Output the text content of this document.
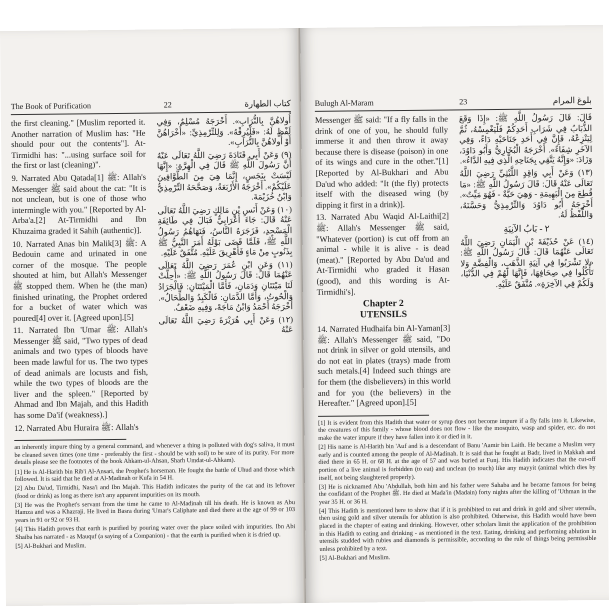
The Book of Purification	22	كتاب الطهارة

the first cleaning." [Muslim reported it. Another narration of Muslim has: "He should pour out the contents"]. At-Tirmidhi has: "...using surface soil for the first or last (cleaning)".

9. Narrated Abu Qatada[1] ﷺ: Allah's Messenger ﷺ said about the cat: "It is not unclean, but is one of those who intermingle with you." [Reported by Al-Arba'a.[2] At-Tirmidhi and Ibn Khuzaima graded it Sahih (authentic)].

10. Narrated Anas bin Malik[3] ﷺ: A Bedouin came and urinated in one corner of the mosque. The people shouted at him, but Allah's Messenger ﷺ stopped them. When he (the man) finished urinating, the Prophet ordered for a bucket of water which was poured[4] over it. [Agreed upon].[5]

11. Narrated Ibn 'Umar ﷺ: Allah's Messenger ﷺ said, "Two types of dead animals and two types of bloods have been made lawful for us. The two types of dead animals are locusts and fish, while the two types of bloods are the liver and the spleen." [Reported by Ahmad and Ibn Majah, and this Hadith has some Da'if (weakness).]

12. Narrated Abu Huraira ﷺ: Allah's

أُولاهُنَّ بِالتُّرَابِ». أَخْرَجَهُ مُسْلِمٌ، وَفِي لَفْظٍ لَهُ: «فَلْيُرِقْهُ». وَلِلتِّرْمِذِيِّ: «أُخْرَاهُنَّ أَوْ أُولاهُنَّ بِالتُّرَابِ».

(٩) وَعَنْ أَبِي قَتَادَةَ رَضِيَ اللَّهُ تَعَالَى عَنْهُ أَنَّ رَسُولَ اللَّهِ ﷺ قَالَ فِي الْهِرَّةِ: «إِنَّهَا لَيْسَتْ بِنَجَسٍ، إِنَّمَا هِيَ مِنَ الطَّوَّافِينَ عَلَيْكُمْ». أَخْرَجَهُ الأَرْبَعَةُ، وَصَحَّحَهُ التِّرْمِذِيُّ وَابْنُ خُزَيْمَةَ.

(١٠) وَعَنْ أَنَسِ بْنِ مَالِكٍ رَضِيَ اللَّهُ تَعَالَى عَنْهُ قَالَ: جَاءَ أَعْرَابِيٌّ فَبَالَ فِي طَائِفَةِ الْمَسْجِدِ، فَزَجَرَهُ النَّاسُ، فَنَهَاهُمُ رَسُولُ اللَّهِ ﷺ، فَلَمَّا قَضَى بَوْلَهُ أَمَرَ النَّبِيُّ ﷺ بِذَنُوبٍ مِنْ مَاءٍ فَأُهْرِيقَ عَلَيْهِ. مُتَّفَقٌ عَلَيْهِ.

(١١) وَعَنِ ابْنِ عُمَرَ رَضِيَ اللَّهُ تَعَالَى عَنْهُمَا قَالَ: قَالَ رَسُولُ اللَّهِ ﷺ: «أُحِلَّتْ لَنَا مَيْتَتَانِ وَدَمَانِ، فَأَمَّا الْمَيْتَتَانِ: فَالْجَرَادُ وَالْحُوتُ، وَأَمَّا الدَّمَانِ: فَالْكَبِدُ وَالطِّحَالُ». أَخْرَجَهُ أَحْمَدُ وَابْنُ مَاجَهْ، وَفِيهِ ضَعْفٌ.

(١٢) وَعَنْ أَبِي هُرَيْرَةَ رَضِيَ اللَّهُ تَعَالَى عَنْهُ

an inherently impure thing by a general command, and whenever a thing is polluted with dog's saliva, it must be cleaned seven times (one time - preferably the first - should be with soil) to be sure of its purity. For more details please see the footnotes of the book Ahkam-ul-Ahsan, Sharh Umdat-ul-Ahkam).

[1] He is Al-Harith bin Rib'i Al-Ansari, the Prophet's horseman. He fought the battle of Uhud and those which followed. It is said that he died at Al-Madinah or Kufa in 54 H.

[2] Abu Da'ud, Tirmidhi, Nasa'i and Ibn Majah. This Hadith indicates the purity of the cat and its leftover (food or drink) as long as there isn't any apparent impurities on its mouth.

[3] He was the Prophet's servant from the time he came to Al-Madinah till his death. He is known as Abu Hamza and was a Khazraji. He lived in Basra during 'Umar's Caliphate and died there at the age of 99 or 103 years in 91 or 92 or 93 H.

[4] This Hadith proves that earth is purified by pouring water over the place soiled with impurities. Ibn Abi Shaiba has narrated - as Mauquf (a saying of a Companion) - that the earth is purified when it is dried up.

[5] Al-Bukhari and Muslim.

Bulugh Al-Maram	23	بلوغ المرام

Messenger ﷺ said: "If a fly falls in the drink of one of you, he should fully immerse it and then throw it away because there is disease (poison) in one of its wings and cure in the other."[1] [Reported by Al-Bukhari and Abu Da'ud who added: "It (the fly) protects itself with the diseased wing (by dipping it first in a drink)].

13. Narrated Abu Waqid Al-Laithi[2] ﷺ: Allah's Messenger ﷺ said, "Whatever (portion) is cut off from an animal - while it is alive - is dead (meat)." [Reported by Abu Da'ud and At-Tirmidhi who graded it Hasan (good), and this wording is At-Tirmidhi's].

Chapter 2
UTENSILS

14. Narrated Hudhaifa bin Al-Yaman[3] ﷺ: Allah's Messenger ﷺ said, "Do not drink in silver or gold utensils, and do not eat in plates (trays) made from such metals.[4] Indeed such things are for them (the disbelievers) in this world and for you (the believers) in the Hereafter." [Agreed upon].[5]

قَالَ: قَالَ رَسُولُ اللَّهِ ﷺ: «إِذَا وَقَعَ الذُّبَابُ فِي شَرَابِ أَحَدِكُمْ فَلْيَغْمِسْهُ، ثُمَّ لِيَنْزِعْهُ، فَإِنَّ فِي أَحَدِ جَنَاحَيْهِ دَاءً، وَفِي الآخَرِ شِفَاءً». أَخْرَجَهُ الْبُخَارِيُّ وَأَبُو دَاوُدَ، وَزَادَ: «وَإِنَّهُ يَتَّقِي بِجَنَاحِهِ الَّذِي فِيهِ الدَّاءُ».

(١٣) وَعَنْ أَبِي وَاقِدٍ اللَّيْثِيِّ رَضِيَ اللَّهُ تَعَالَى عَنْهُ قَالَ: قَالَ رَسُولُ اللَّهِ ﷺ: «مَا قُطِعَ مِنَ الْبَهِيمَةِ - وَهِيَ حَيَّةٌ - فَهُوَ مَيِّتٌ». أَخْرَجَهُ أَبُو دَاوُدَ وَالتِّرْمِذِيُّ وَحَسَّنَهُ، وَاللَّفْظُ لَهُ.

٢ - بَابُ الآنِيَةِ

(١٤) عَنْ حُذَيْفَةَ بْنِ الْيَمَانِ رَضِيَ اللَّهُ تَعَالَى عَنْهُمَا قَالَ: قَالَ رَسُولُ اللَّهِ ﷺ: «لا تَشْرَبُوا فِي آنِيَةِ الذَّهَبِ، وَالْفِضَّةِ وَلا تَأْكُلُوا فِي صِحَافِهَا، فَإِنَّهَا لَهُمْ فِي الدُّنْيَا، وَلَكُمْ فِي الآخِرَةِ». مُتَّفَقٌ عَلَيْهِ.

[1] It is evident from this Hadith that water or syrup does not become impure if a fly falls into it. Likewise, the creatures of this family - whose blood does not flow - like the mosquito, wasp and spider, etc. do not make the water impure if they have fallen into it or died in it.

[2] His name is Al-Harith bin 'Auf and is a descendant of Banu 'Aamir bin Laith. He became a Muslim very early and is counted among the people of Al-Madinah. It is said that he fought at Badr, lived in Makkah and died there in 65 H. or 68 H. at the age of 57 and was buried at Funj. His Hadith indicates that the cut-off portion of a live animal is forbidden (to eat) and unclean (to touch) like any mayyit (animal which dies by itself, not being slaughtered properly).

[3] He is nicknamed Abu 'Abdullah, both him and his father were Sahaba and he became famous for being the confidant of the Prophet ﷺ. He died at Mada'in (Madain) forty nights after the killing of 'Uthman in the year 35 H. or 36 H.

[4] This Hadith is mentioned here to show that if it is prohibited to eat and drink in gold and silver utensils, then using gold and silver utensils for ablution is also prohibited. Otherwise, this Hadith would have been placed in the chapter of eating and drinking. However, other scholars limit the application of the prohibition in this Hadith to eating and drinking - as mentioned in the text. Eating, drinking and performing ablution in utensils studded with rubies and diamonds is permissible, according to the rule of things being permissible unless prohibited by a text.

[5] Al-Bukhari and Muslim.
